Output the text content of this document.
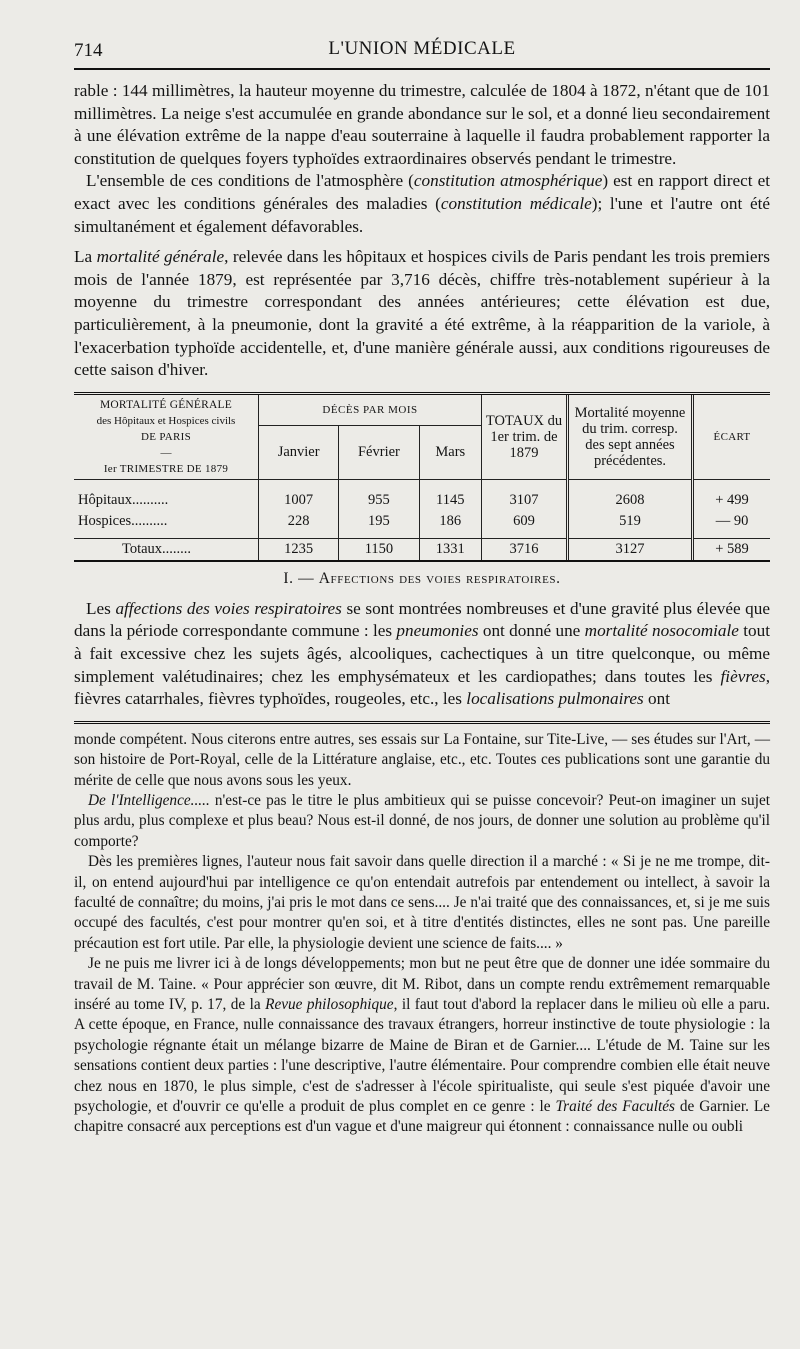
714	L'UNION MÉDICALE

rable : 144 millimètres, la hauteur moyenne du trimestre, calculée de 1804 à 1872, n'étant que de 101 millimètres. La neige s'est accumulée en grande abondance sur le sol, et a donné lieu secondairement à une élévation extrême de la nappe d'eau souterraine à laquelle il faudra probablement rapporter la constitution de quelques foyers typhoïdes extraordinaires observés pendant le trimestre.

L'ensemble de ces conditions de l'atmosphère (constitution atmosphérique) est en rapport direct et exact avec les conditions générales des maladies (constitution médicale); l'une et l'autre ont été simultanément et également défavorables.

La mortalité générale, relevée dans les hôpitaux et hospices civils de Paris pendant les trois premiers mois de l'année 1879, est représentée par 3,716 décès, chiffre très-notablement supérieur à la moyenne du trimestre correspondant des années antérieures; cette élévation est due, particulièrement, à la pneumonie, dont la gravité a été extrême, à la réapparition de la variole, à l'exacerbation typhoïde accidentelle, et, d'une manière générale aussi, aux conditions rigoureuses de cette saison d'hiver.

MORTALITÉ GÉNÉRALE
des Hôpitaux et Hospices civils
DE PARIS
—
Ier TRIMESTRE DE 1879	DÉCÈS PAR MOIS			TOTAUX du 1er trim. de 1879	Mortalité moyenne du trim. corresp. des sept années précédentes.	ÉCART
	Janvier	Février	Mars			

Hôpitaux..........	1007	955	1145	3107	2608	+ 499
Hospices..........	228	195	186	609	519	— 90

Totaux........	1235	1150	1331	3716	3127	+ 589
I. — Affections des voies respiratoires.

Les affections des voies respiratoires se sont montrées nombreuses et d'une gravité plus élevée que dans la période correspondante commune : les pneumonies ont donné une mortalité nosocomiale tout à fait excessive chez les sujets âgés, alcooliques, cachectiques à un titre quelconque, ou même simplement valétudinaires; chez les emphysémateux et les cardiopathes; dans toutes les fièvres, fièvres catarrhales, fièvres typhoïdes, rougeoles, etc., les localisations pulmonaires ont

monde compétent. Nous citerons entre autres, ses essais sur La Fontaine, sur Tite-Live, — ses études sur l'Art, — son histoire de Port-Royal, celle de la Littérature anglaise, etc., etc. Toutes ces publications sont une garantie du mérite de celle que nous avons sous les yeux.

De l'Intelligence..... n'est-ce pas le titre le plus ambitieux qui se puisse concevoir? Peut-on imaginer un sujet plus ardu, plus complexe et plus beau? Nous est-il donné, de nos jours, de donner une solution au problème qu'il comporte?

Dès les premières lignes, l'auteur nous fait savoir dans quelle direction il a marché : « Si je ne me trompe, dit-il, on entend aujourd'hui par intelligence ce qu'on entendait autrefois par entendement ou intellect, à savoir la faculté de connaître; du moins, j'ai pris le mot dans ce sens.... Je n'ai traité que des connaissances, et, si je me suis occupé des facultés, c'est pour montrer qu'en soi, et à titre d'entités distinctes, elles ne sont pas. Une pareille précaution est fort utile. Par elle, la physiologie devient une science de faits.... »

Je ne puis me livrer ici à de longs développements; mon but ne peut être que de donner une idée sommaire du travail de M. Taine. « Pour apprécier son œuvre, dit M. Ribot, dans un compte rendu extrêmement remarquable inséré au tome IV, p. 17, de la Revue philosophique, il faut tout d'abord la replacer dans le milieu où elle a paru. A cette époque, en France, nulle connaissance des travaux étrangers, horreur instinctive de toute physiologie : la psychologie régnante était un mélange bizarre de Maine de Biran et de Garnier.... L'étude de M. Taine sur les sensations contient deux parties : l'une descriptive, l'autre élémentaire. Pour comprendre combien elle était neuve chez nous en 1870, le plus simple, c'est de s'adresser à l'école spiritualiste, qui seule s'est piquée d'avoir une psychologie, et d'ouvrir ce qu'elle a produit de plus complet en ce genre : le Traité des Facultés de Garnier. Le chapitre consacré aux perceptions est d'un vague et d'une maigreur qui étonnent : connaissance nulle ou oubli
